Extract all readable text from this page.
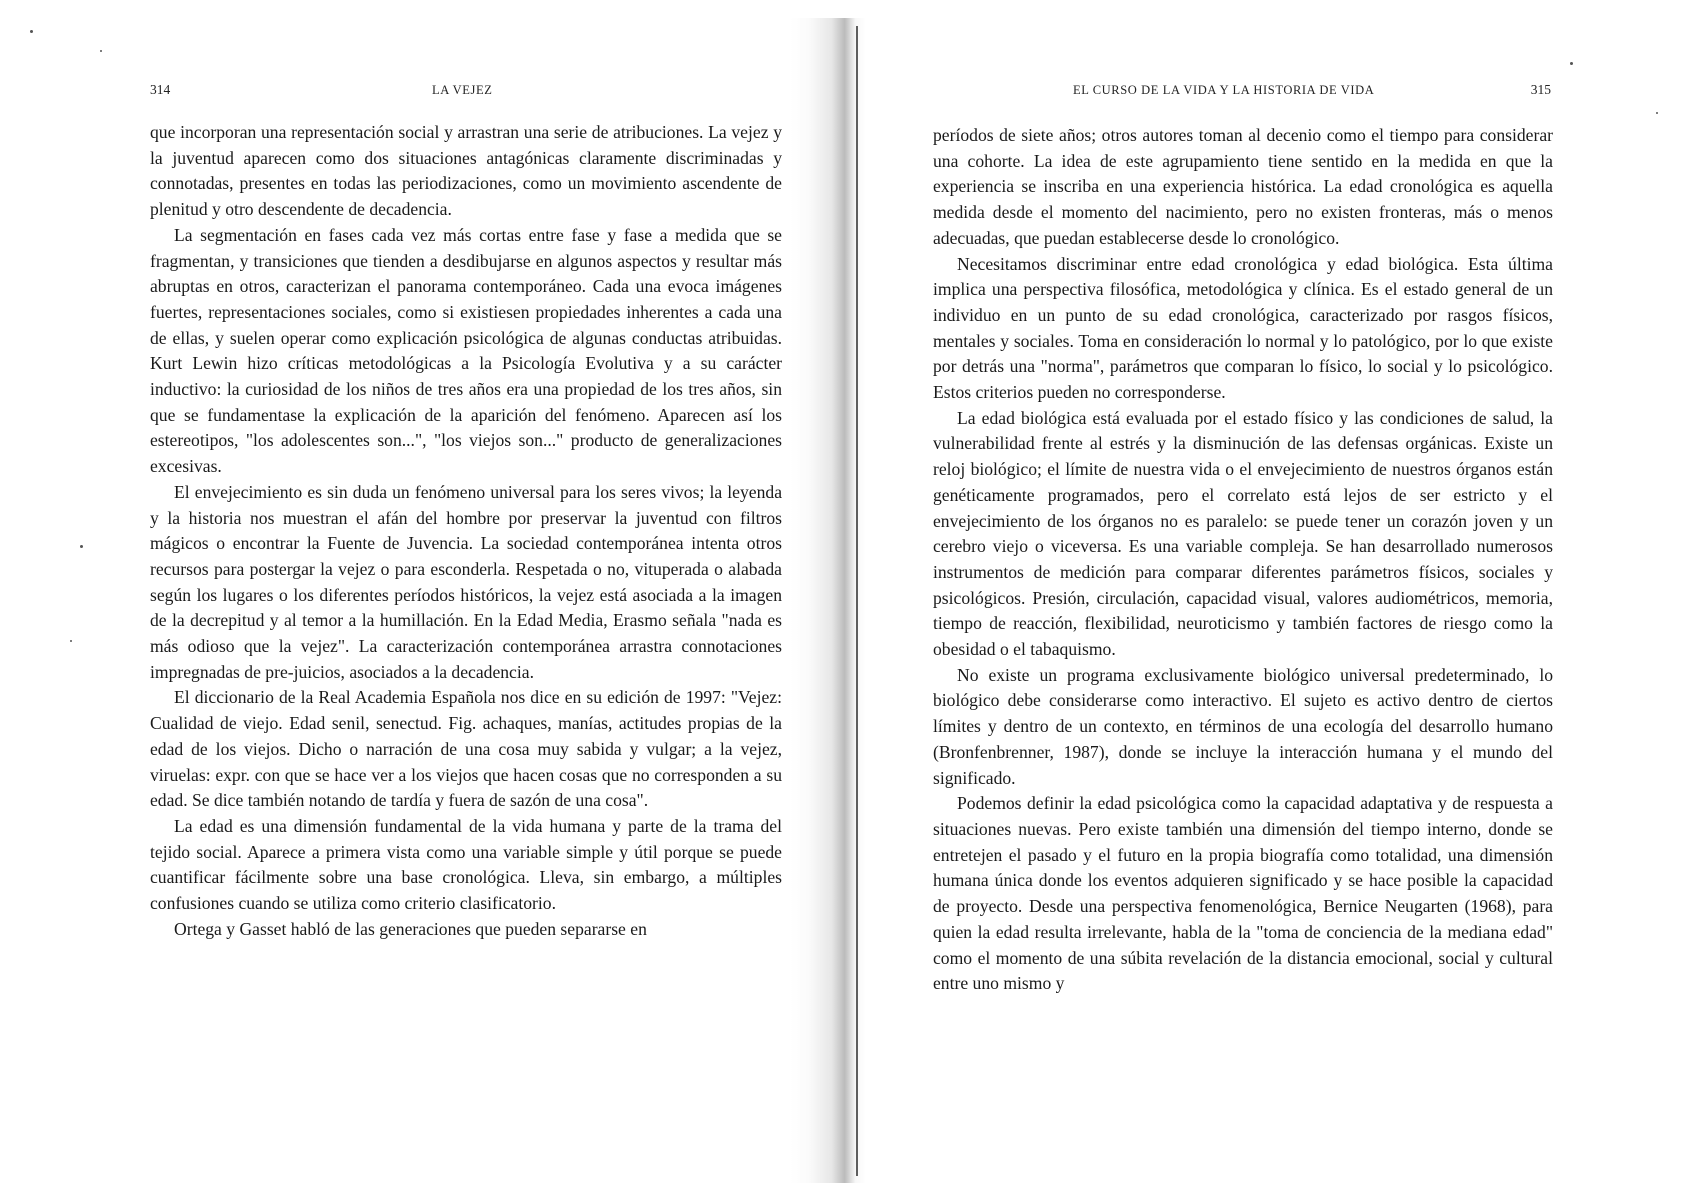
314	LA VEJEZ

que incorporan una representación social y arrastran una serie de atribuciones. La vejez y la juventud aparecen como dos situaciones antagónicas claramente discriminadas y connotadas, presentes en todas las periodizaciones, como un movimiento ascendente de plenitud y otro descendente de decadencia.

La segmentación en fases cada vez más cortas entre fase y fase a medida que se fragmentan, y transiciones que tienden a desdibujarse en algunos aspectos y resultar más abruptas en otros, caracterizan el panorama contemporáneo. Cada una evoca imágenes fuertes, representaciones sociales, como si existiesen propiedades inherentes a cada una de ellas, y suelen operar como explicación psicológica de algunas conductas atribuidas. Kurt Lewin hizo críticas metodológicas a la Psicología Evolutiva y a su carácter inductivo: la curiosidad de los niños de tres años era una propiedad de los tres años, sin que se fundamentase la explicación de la aparición del fenómeno. Aparecen así los estereotipos, "los adolescentes son...", "los viejos son..." producto de generalizaciones excesivas.

El envejecimiento es sin duda un fenómeno universal para los seres vivos; la leyenda y la historia nos muestran el afán del hombre por preservar la juventud con filtros mágicos o encontrar la Fuente de Juvencia. La sociedad contemporánea intenta otros recursos para postergar la vejez o para esconderla. Respetada o no, vituperada o alabada según los lugares o los diferentes períodos históricos, la vejez está asociada a la imagen de la decrepitud y al temor a la humillación. En la Edad Media, Erasmo señala "nada es más odioso que la vejez". La caracterización contemporánea arrastra connotaciones impregnadas de pre-juicios, asociados a la decadencia.

El diccionario de la Real Academia Española nos dice en su edición de 1997: "Vejez: Cualidad de viejo. Edad senil, senectud. Fig. achaques, manías, actitudes propias de la edad de los viejos. Dicho o narración de una cosa muy sabida y vulgar; a la vejez, viruelas: expr. con que se hace ver a los viejos que hacen cosas que no corresponden a su edad. Se dice también notando de tardía y fuera de sazón de una cosa".

La edad es una dimensión fundamental de la vida humana y parte de la trama del tejido social. Aparece a primera vista como una variable simple y útil porque se puede cuantificar fácilmente sobre una base cronológica. Lleva, sin embargo, a múltiples confusiones cuando se utiliza como criterio clasificatorio.

Ortega y Gasset habló de las generaciones que pueden separarse en

EL CURSO DE LA VIDA Y LA HISTORIA DE VIDA	315

períodos de siete años; otros autores toman al decenio como el tiempo para considerar una cohorte. La idea de este agrupamiento tiene sentido en la medida en que la experiencia se inscriba en una experiencia histórica. La edad cronológica es aquella medida desde el momento del nacimiento, pero no existen fronteras, más o menos adecuadas, que puedan establecerse desde lo cronológico.

Necesitamos discriminar entre edad cronológica y edad biológica. Esta última implica una perspectiva filosófica, metodológica y clínica. Es el estado general de un individuo en un punto de su edad cronológica, caracterizado por rasgos físicos, mentales y sociales. Toma en consideración lo normal y lo patológico, por lo que existe por detrás una "norma", parámetros que comparan lo físico, lo social y lo psicológico. Estos criterios pueden no corresponderse.

La edad biológica está evaluada por el estado físico y las condiciones de salud, la vulnerabilidad frente al estrés y la disminución de las defensas orgánicas. Existe un reloj biológico; el límite de nuestra vida o el envejecimiento de nuestros órganos están genéticamente programados, pero el correlato está lejos de ser estricto y el envejecimiento de los órganos no es paralelo: se puede tener un corazón joven y un cerebro viejo o viceversa. Es una variable compleja. Se han desarrollado numerosos instrumentos de medición para comparar diferentes parámetros físicos, sociales y psicológicos. Presión, circulación, capacidad visual, valores audiométricos, memoria, tiempo de reacción, flexibilidad, neuroticismo y también factores de riesgo como la obesidad o el tabaquismo.

No existe un programa exclusivamente biológico universal predeterminado, lo biológico debe considerarse como interactivo. El sujeto es activo dentro de ciertos límites y dentro de un contexto, en términos de una ecología del desarrollo humano (Bronfenbrenner, 1987), donde se incluye la interacción humana y el mundo del significado.

Podemos definir la edad psicológica como la capacidad adaptativa y de respuesta a situaciones nuevas. Pero existe también una dimensión del tiempo interno, donde se entretejen el pasado y el futuro en la propia biografía como totalidad, una dimensión humana única donde los eventos adquieren significado y se hace posible la capacidad de proyecto. Desde una perspectiva fenomenológica, Bernice Neugarten (1968), para quien la edad resulta irrelevante, habla de la "toma de conciencia de la mediana edad" como el momento de una súbita revelación de la distancia emocional, social y cultural entre uno mismo y
